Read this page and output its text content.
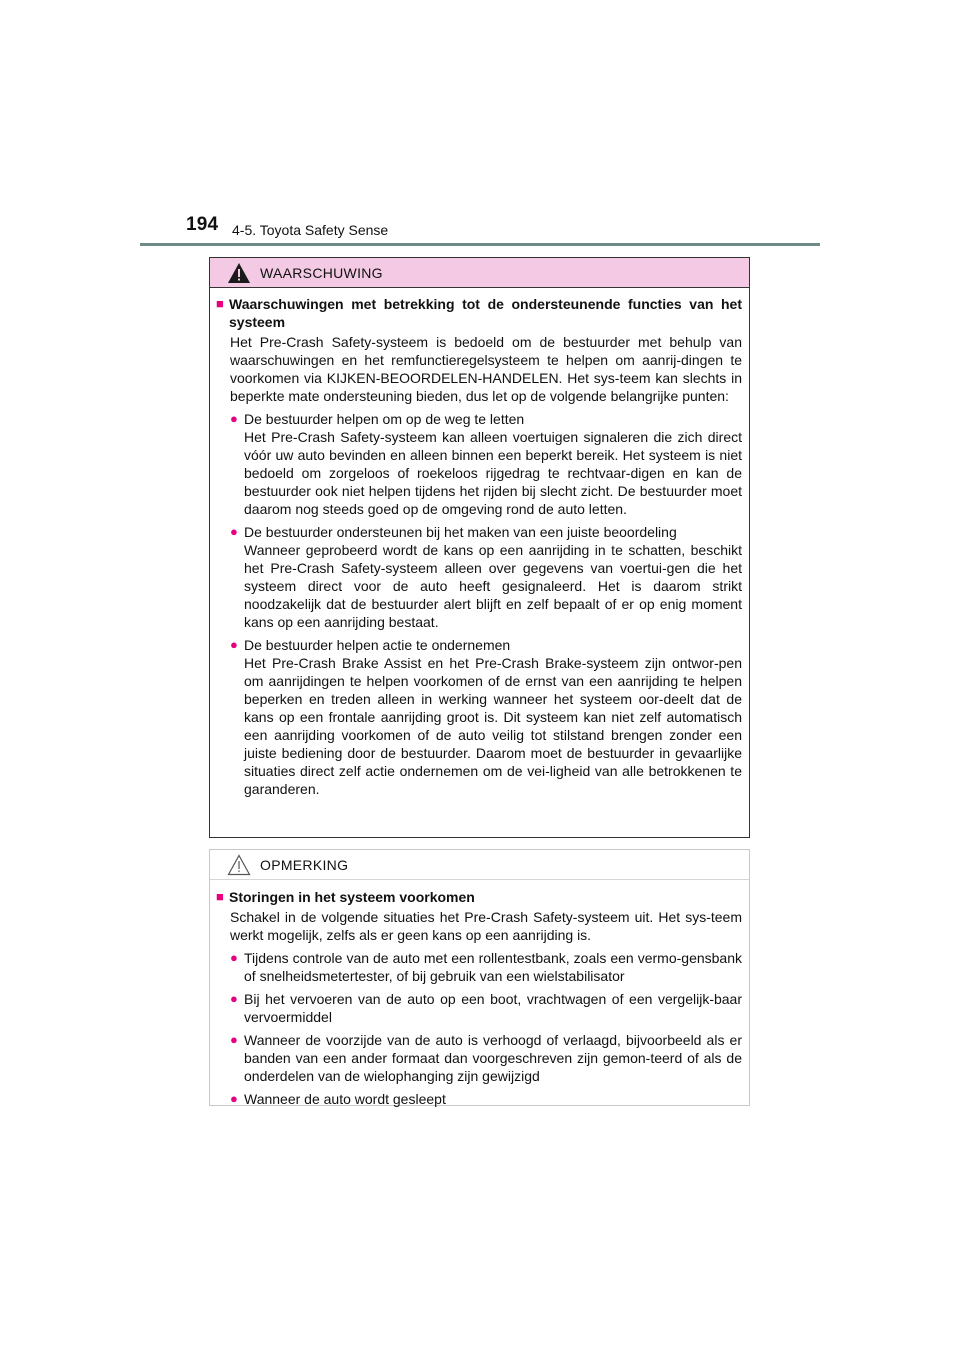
194 4-5. Toyota Safety Sense
WAARSCHUWING
■ Waarschuwingen met betrekking tot de ondersteunende functies van het systeem
Het Pre-Crash Safety-systeem is bedoeld om de bestuurder met behulp van waarschuwingen en het remfunctieregelsysteem te helpen om aanrij-dingen te voorkomen via KIJKEN-BEOORDELEN-HANDELEN. Het sys-teem kan slechts in beperkte mate ondersteuning bieden, dus let op de volgende belangrijke punten:
● De bestuurder helpen om op de weg te letten
Het Pre-Crash Safety-systeem kan alleen voertuigen signaleren die zich direct vóór uw auto bevinden en alleen binnen een beperkt bereik. Het systeem is niet bedoeld om zorgeloos of roekeloos rijgedrag te rechtvaar-digen en kan de bestuurder ook niet helpen tijdens het rijden bij slecht zicht. De bestuurder moet daarom nog steeds goed op de omgeving rond de auto letten.
● De bestuurder ondersteunen bij het maken van een juiste beoordeling
Wanneer geprobeerd wordt de kans op een aanrijding in te schatten, beschikt het Pre-Crash Safety-systeem alleen over gegevens van voertui-gen die het systeem direct voor de auto heeft gesignaleerd. Het is daarom strikt noodzakelijk dat de bestuurder alert blijft en zelf bepaalt of er op enig moment kans op een aanrijding bestaat.
● De bestuurder helpen actie te ondernemen
Het Pre-Crash Brake Assist en het Pre-Crash Brake-systeem zijn ontwor-pen om aanrijdingen te helpen voorkomen of de ernst van een aanrijding te helpen beperken en treden alleen in werking wanneer het systeem oor-deelt dat de kans op een frontale aanrijding groot is. Dit systeem kan niet zelf automatisch een aanrijding voorkomen of de auto veilig tot stilstand brengen zonder een juiste bediening door de bestuurder. Daarom moet de bestuurder in gevaarlijke situaties direct zelf actie ondernemen om de vei-ligheid van alle betrokkenen te garanderen.
OPMERKING
■ Storingen in het systeem voorkomen
Schakel in de volgende situaties het Pre-Crash Safety-systeem uit. Het sys-teem werkt mogelijk, zelfs als er geen kans op een aanrijding is.
● Tijdens controle van de auto met een rollentestbank, zoals een vermo-gensbank of snelheidsmetertester, of bij gebruik van een wielstabilisator
● Bij het vervoeren van de auto op een boot, vrachtwagen of een vergelijk-baar vervoermiddel
● Wanneer de voorzijde van de auto is verhoogd of verlaagd, bijvoorbeeld als er banden van een ander formaat dan voorgeschreven zijn gemon-teerd of als de onderdelen van de wielophanging zijn gewijzigd
● Wanneer de auto wordt gesleept
